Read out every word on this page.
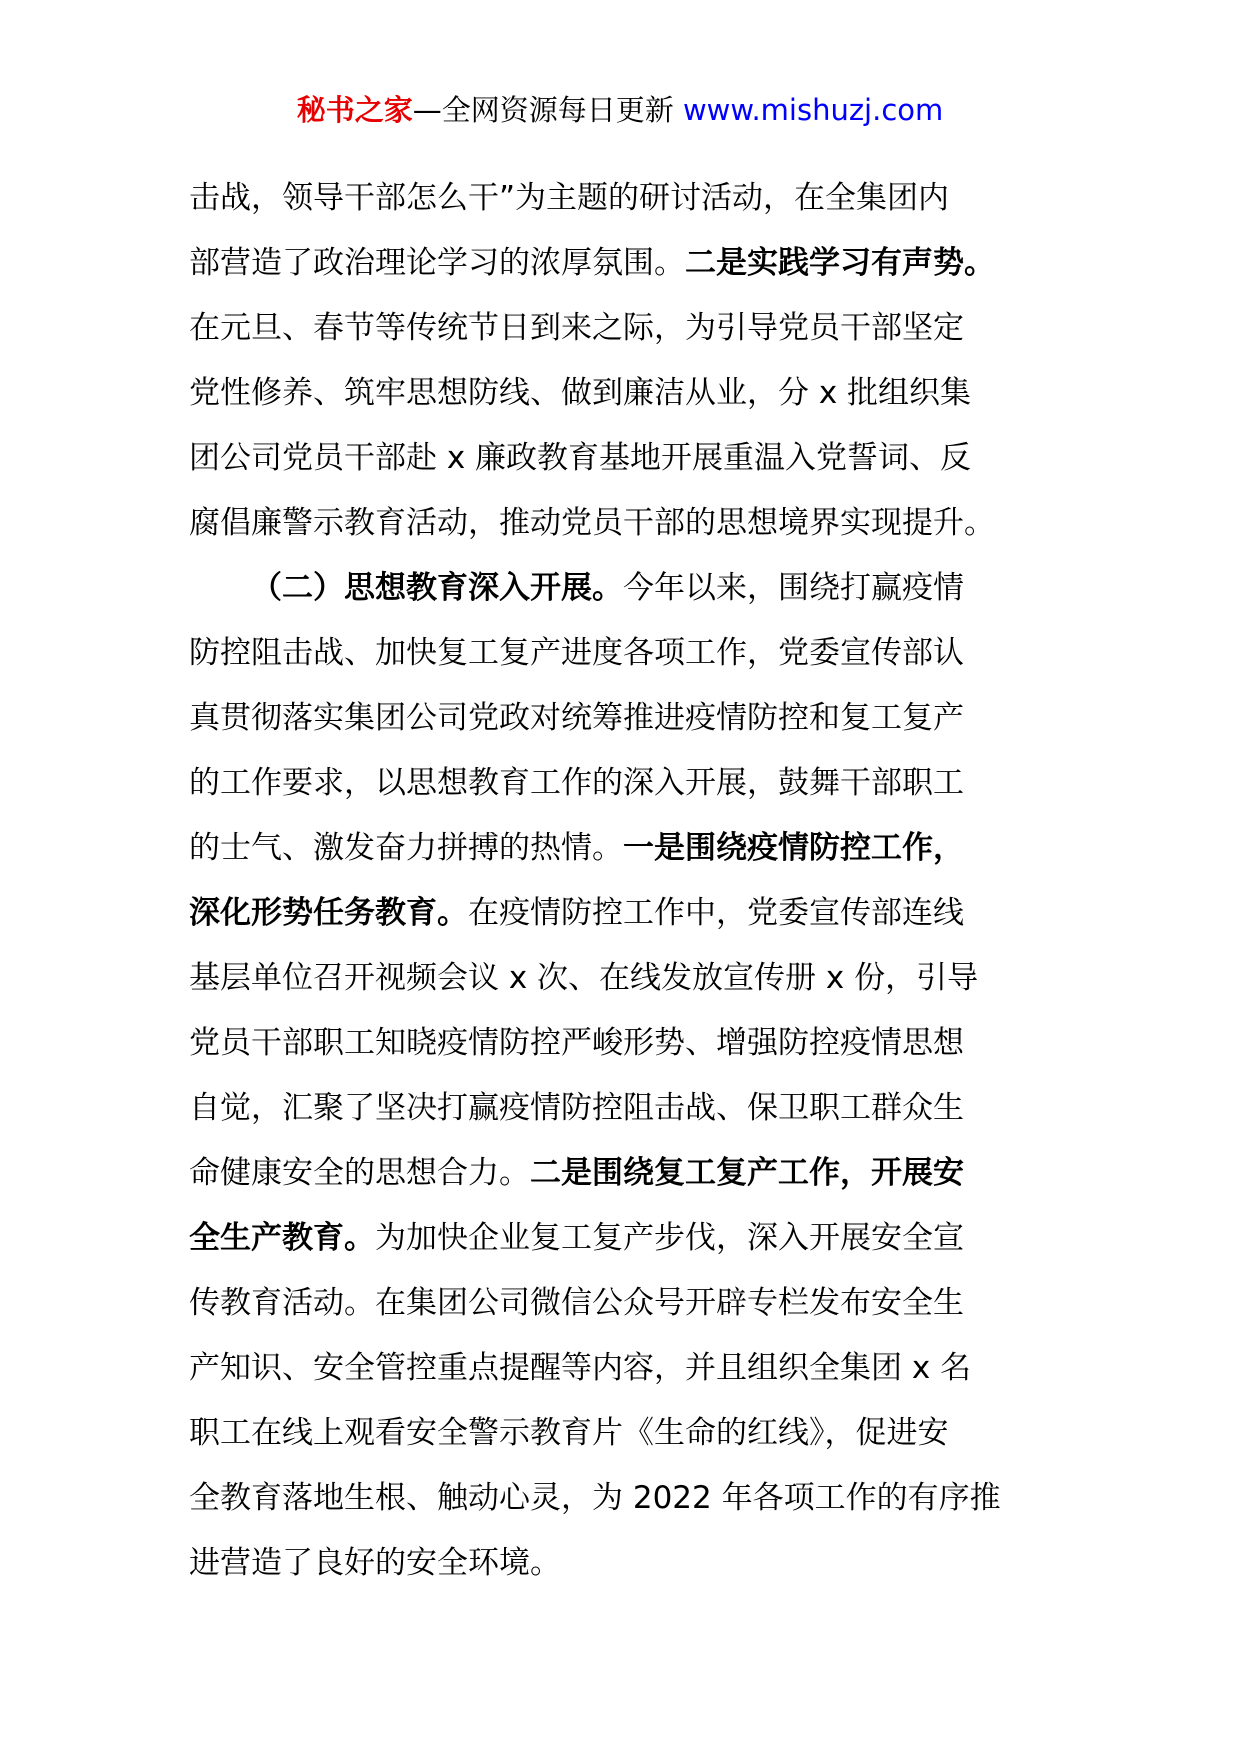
秘书之家—全网资源每日更新 www.mishuzj.com
击战，领导干部怎么干”为主题的研讨活动，在全集团内
部营造了政治理论学习的浓厚氛围。二是实践学习有声势。
在元旦、春节等传统节日到来之际，为引导党员干部坚定
党性修养、筑牢思想防线、做到廉洁从业，分 x 批组织集
团公司党员干部赴 x 廉政教育基地开展重温入党誓词、反
腐倡廉警示教育活动，推动党员干部的思想境界实现提升。
（二）思想教育深入开展。今年以来，围绕打赢疫情
防控阻击战、加快复工复产进度各项工作，党委宣传部认
真贯彻落实集团公司党政对统筹推进疫情防控和复工复产
的工作要求，以思想教育工作的深入开展，鼓舞干部职工
的士气、激发奋力拼搏的热情。一是围绕疫情防控工作，
深化形势任务教育。在疫情防控工作中，党委宣传部连线
基层单位召开视频会议 x 次、在线发放宣传册 x 份，引导
党员干部职工知晓疫情防控严峻形势、增强防控疫情思想
自觉，汇聚了坚决打赢疫情防控阻击战、保卫职工群众生
命健康安全的思想合力。二是围绕复工复产工作，开展安
全生产教育。为加快企业复工复产步伐，深入开展安全宣
传教育活动。在集团公司微信公众号开辟专栏发布安全生
产知识、安全管控重点提醒等内容，并且组织全集团 x 名
职工在线上观看安全警示教育片《生命的红线》，促进安
全教育落地生根、触动心灵，为 2022 年各项工作的有序推
进营造了良好的安全环境。
